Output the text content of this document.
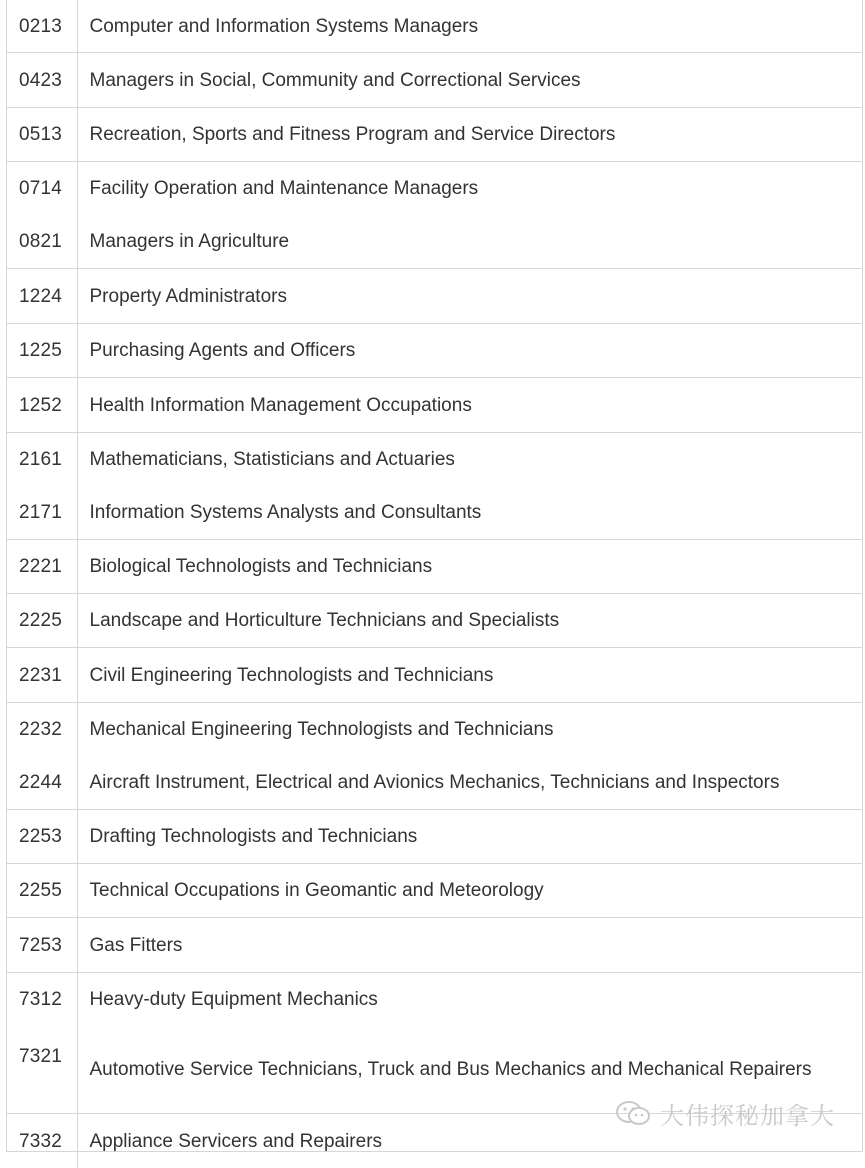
0213	Computer and Information Systems Managers
0423	Managers in Social, Community and Correctional Services
0513	Recreation, Sports and Fitness Program and Service Directors
0714	Facility Operation and Maintenance Managers
0821	Managers in Agriculture
1224	Property Administrators
1225	Purchasing Agents and Officers
1252	Health Information Management Occupations
2161	Mathematicians, Statisticians and Actuaries
2171	Information Systems Analysts and Consultants
2221	Biological Technologists and Technicians
2225	Landscape and Horticulture Technicians and Specialists
2231	Civil Engineering Technologists and Technicians
2232	Mechanical Engineering Technologists and Technicians
2244	Aircraft Instrument, Electrical and Avionics Mechanics, Technicians and Inspectors
2253	Drafting Technologists and Technicians
2255	Technical Occupations in Geomantic and Meteorology
7253	Gas Fitters
7312	Heavy-duty Equipment Mechanics
7321	Automotive Service Technicians, Truck and Bus Mechanics and Mechanical Repairers
7332	Appliance Servicers and Repairers
大伟探秘加拿大
